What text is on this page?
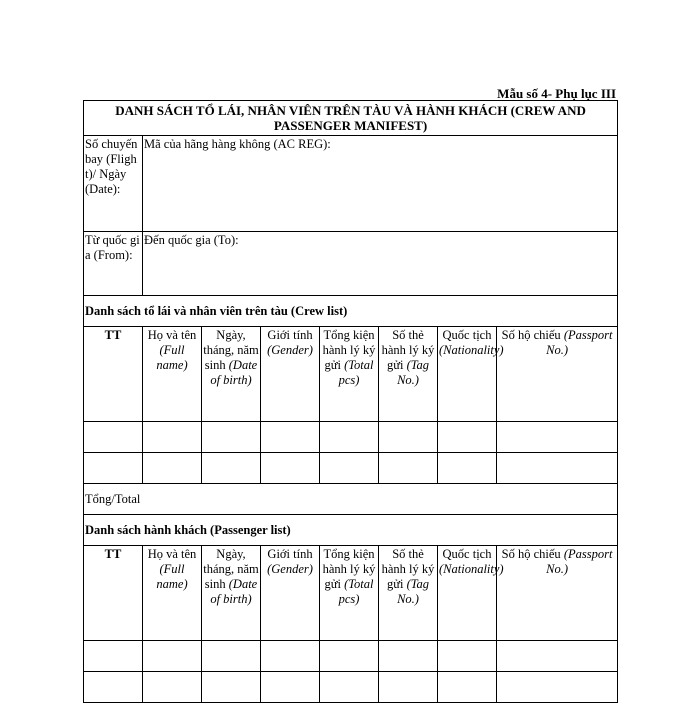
Mẫu số 4- Phụ lục III
DANH SÁCH TỔ LÁI, NHÂN VIÊN TRÊN TÀU VÀ HÀNH KHÁCH (CREW AND PASSENGER MANIFEST)							
Số chuyến bay (Flight)/ Ngày (Date):	Mã của hãng hàng không (AC REG):						
Từ quốc gia (From):	Đến quốc gia (To):						
Danh sách tổ lái và nhân viên trên tàu (Crew list)							
TT	Họ và tên (Full name)	Ngày, tháng, năm sinh (Date of birth)	Giới tính (Gender)	Tổng kiện hành lý ký gửi (Total pcs)	Số thẻ hành lý ký gửi (Tag No.)	Quốc tịch (Nationality)	Số hộ chiếu (Passport No.)

Tổng/Total							
Danh sách hành khách (Passenger list)							
TT	Họ và tên (Full name)	Ngày, tháng, năm sinh (Date of birth)	Giới tính (Gender)	Tổng kiện hành lý ký gửi (Total pcs)	Số thẻ hành lý ký gửi (Tag No.)	Quốc tịch (Nationality)	Số hộ chiếu (Passport No.)
